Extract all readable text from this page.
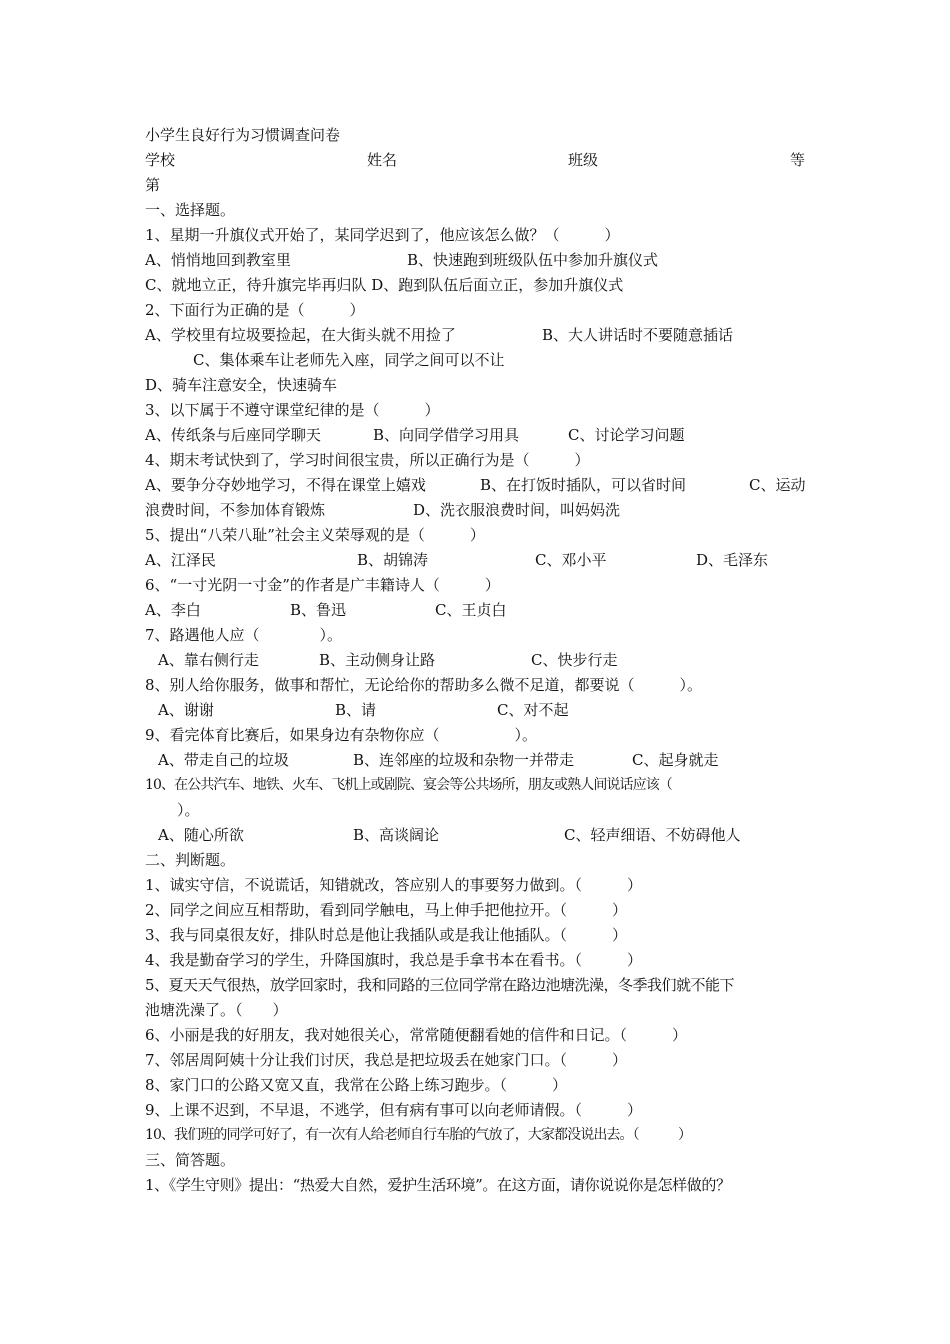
小学生良好行为习惯调查问卷
学校	姓名	班级	等
第
一、选择题。
1、星期一升旗仪式开始了，某同学迟到了，他应该怎么做？（　　　）
A、悄悄地回到教室里	B、快速跑到班级队伍中参加升旗仪式
C、就地立正，待升旗完毕再归队 D、跑到队伍后面立正，参加升旗仪式
2、下面行为正确的是（　　　）
A、学校里有垃圾要捡起，在大街头就不用捡了	B、大人讲话时不要随意插话
C、集体乘车让老师先入座，同学之间可以不让
D、骑车注意安全，快速骑车
3、以下属于不遵守课堂纪律的是（　　　）
A、传纸条与后座同学聊天	B、向同学借学习用具	C、讨论学习问题
4、期末考试快到了，学习时间很宝贵，所以正确行为是（　　　）
A、要争分夺妙地学习，不得在课堂上嬉戏	B、在打饭时插队，可以省时间	C、运动
浪费时间，不参加体育锻炼	D、洗衣服浪费时间，叫妈妈洗
5、提出“八荣八耻”社会主义荣辱观的是（　　　）
A、江泽民	B、胡锦涛	C、邓小平	D、毛泽东
6、“一寸光阴一寸金”的作者是广丰籍诗人（　　　）
A、李白	B、鲁迅	C、王贞白
7、路遇他人应（　　　　）。
A、靠右侧行走	B、主动侧身让路	C、快步行走
8、别人给你服务，做事和帮忙，无论给你的帮助多么微不足道，都要说（　　　）。
A、谢谢	B、请	C、对不起
9、看完体育比赛后，如果身边有杂物你应（　　　　　）。
A、带走自己的垃圾	B、连邻座的垃圾和杂物一并带走	C、起身就走
10、在公共汽车、地铁、火车、飞机上或剧院、宴会等公共场所，朋友或熟人间说话应该（
）。
A、随心所欲	B、高谈阔论	C、轻声细语、不妨碍他人
二、判断题。
1、诚实守信，不说谎话，知错就改，答应别人的事要努力做到。（　　　）
2、同学之间应互相帮助，看到同学触电，马上伸手把他拉开。（　　　）
3、我与同桌很友好，排队时总是他让我插队或是我让他插队。（　　　）
4、我是勤奋学习的学生，升降国旗时，我总是手拿书本在看书。（　　　）
5、夏天天气很热，放学回家时，我和同路的三位同学常在路边池塘洗澡，冬季我们就不能下
池塘洗澡了。（　　）
6、小丽是我的好朋友，我对她很关心，常常随便翻看她的信件和日记。（　　　）
7、邻居周阿姨十分让我们讨厌，我总是把垃圾丢在她家门口。（　　　）
8、家门口的公路又宽又直，我常在公路上练习跑步。（　　　）
9、上课不迟到，不早退，不逃学，但有病有事可以向老师请假。（　　　）
10、我们班的同学可好了，有一次有人给老师自行车胎的气放了，大家都没说出去。（　　　）
三、简答题。
1、《学生守则》提出：“热爱大自然，爱护生活环境”。在这方面，请你说说你是怎样做的？
